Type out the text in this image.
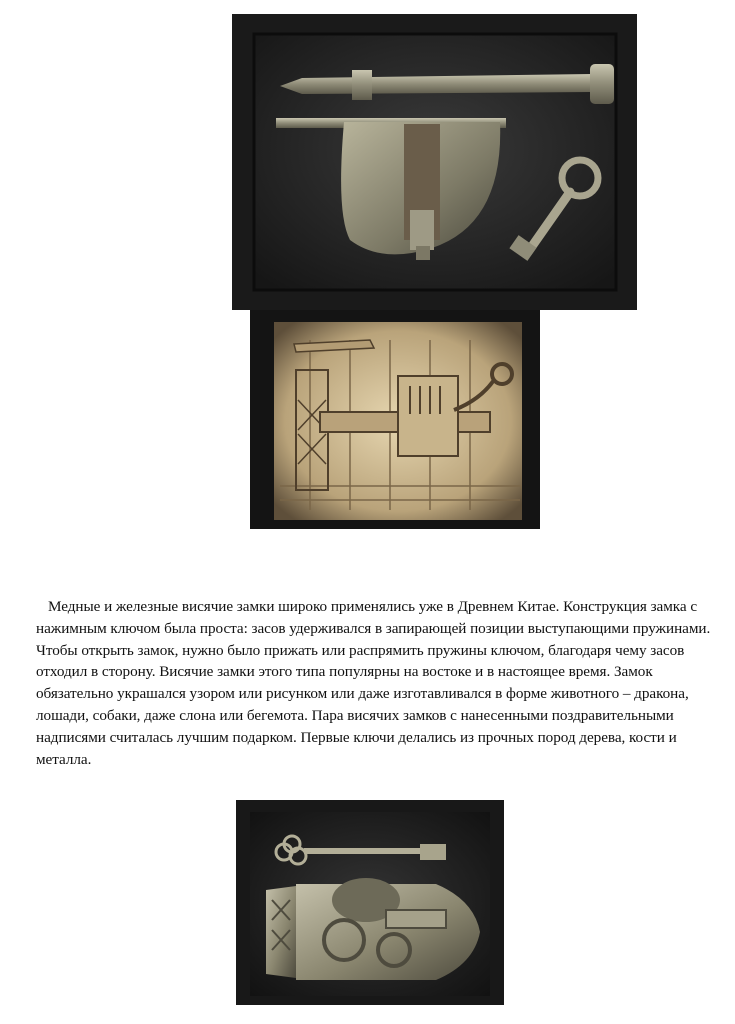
Медные и железные висячие замки широко применялись уже в Древнем Китае. Конструкция замка с нажимным ключом была проста: засов удерживался в запирающей позиции выступающими пружинами. Чтобы открыть замок, нужно было прижать или распрямить пружины ключом, благодаря чему засов отходил в сторону. Висячие замки этого типа популярны на востоке и в настоящее время. Замок обязательно украшался узором или рисунком или даже изготавливался в форме животного – дракона, лошади, собаки, даже слона или бегемота. Пара висячих замков с нанесенными поздравительными надписями считалась лучшим подарком. Первые ключи делались из прочных пород дерева, кости и металла.
